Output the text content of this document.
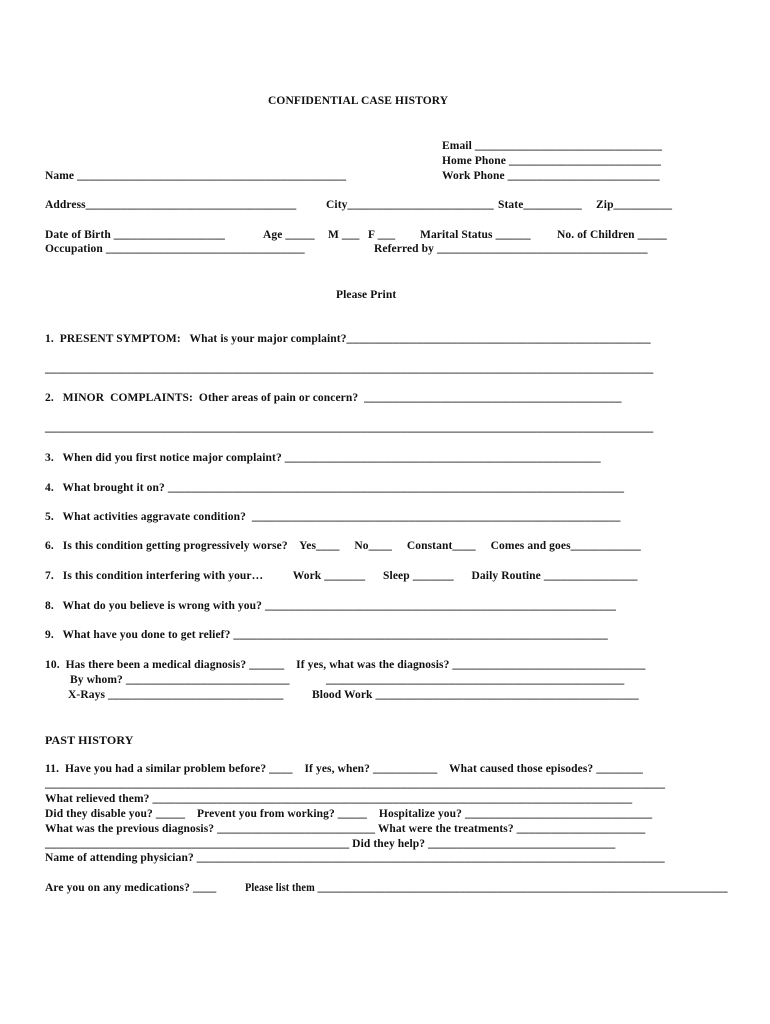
CONFIDENTIAL CASE HISTORY
Email ________________________________
Home Phone __________________________
Work Phone __________________________
Name ______________________________________________
Address____________________________________	City_________________________ State__________ Zip__________
Date of Birth ___________________	Age _____ M ___ F ___ Marital Status ______ No. of Children _____
Occupation __________________________________	Referred by ____________________________________
Please Print
1.  PRESENT SYMPTOM:   What is your major complaint?____________________________________________________
________________________________________________________________________________________________________
2.   MINOR  COMPLAINTS:  Other areas of pain or concern?  ____________________________________________
________________________________________________________________________________________________________
3.   When did you first notice major complaint? ______________________________________________________
4.   What brought it on? ______________________________________________________________________________
5.   What activities aggravate condition?  _______________________________________________________________
6.   Is this condition getting progressively worse?    Yes____     No____     Constant____     Comes and goes____________
7.   Is this condition interfering with your…          Work _______      Sleep _______      Daily Routine ________________
8.   What do you believe is wrong with you? ____________________________________________________________
9.   What have you done to get relief? ________________________________________________________________
10.  Has there been a medical diagnosis? ______    If yes, what was the diagnosis? _________________________________
By whom? ____________________________	___________________________________________________
X-Rays ______________________________ Blood Work _____________________________________________
PAST HISTORY
11.  Have you had a similar problem before? ____    If yes, when? ___________    What caused those episodes? ________
__________________________________________________________________________________________________________
What relieved them? __________________________________________________________________________________
Did they disable you? _____    Prevent you from working? _____    Hospitalize you? ________________________________
What was the previous diagnosis? ___________________________ What were the treatments? ______________________
____________________________________________________ Did they help? ________________________________
Name of attending physician? ________________________________________________________________________________
Are you on any medications? ____ Please list them ______________________________________________________________________________
